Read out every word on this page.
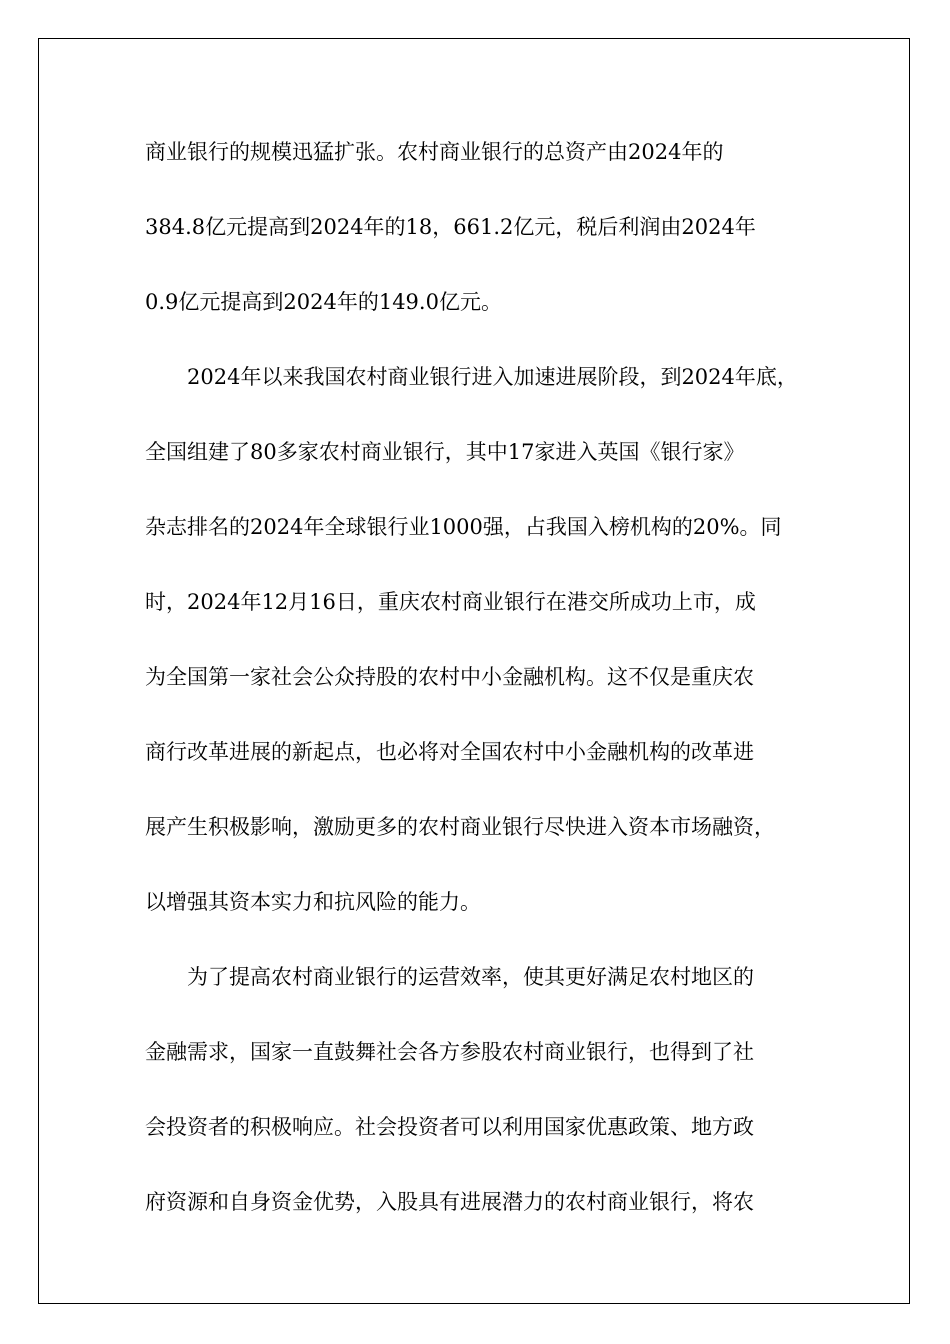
商业银行的规模迅猛扩张。农村商业银行的总资产由2024年的
384.8亿元提高到2024年的18，661.2亿元，税后利润由2024年
0.9亿元提高到2024年的149.0亿元。
2024年以来我国农村商业银行进入加速进展阶段，到2024年底，
全国组建了80多家农村商业银行，其中17家进入英国《银行家》
杂志排名的2024年全球银行业1000强，占我国入榜机构的20%。同
时，2024年12月16日，重庆农村商业银行在港交所成功上市，成
为全国第一家社会公众持股的农村中小金融机构。这不仅是重庆农
商行改革进展的新起点，也必将对全国农村中小金融机构的改革进
展产生积极影响，激励更多的农村商业银行尽快进入资本市场融资，
以增强其资本实力和抗风险的能力。
为了提高农村商业银行的运营效率，使其更好满足农村地区的
金融需求，国家一直鼓舞社会各方参股农村商业银行，也得到了社
会投资者的积极响应。社会投资者可以利用国家优惠政策、地方政
府资源和自身资金优势，入股具有进展潜力的农村商业银行，将农
